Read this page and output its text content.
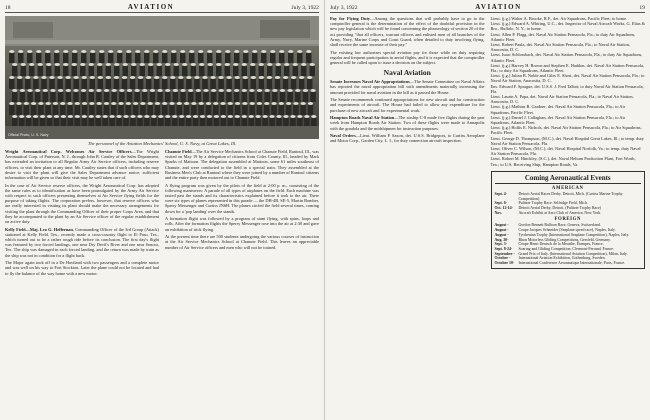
18	AVIATION	July 3, 1922
Official Photo, U. S. Navy
The personnel of the Aviation Mechanics' School, U. S. Navy, at Great Lakes, Ill.

Wright Aeronautical Corp. Welcomes Air Service Officers—The Wright Aeronautical Corp. of Paterson, N. J., through John R. Cautley of the Sales Department, has extended an invitation to all Regular Army Air Service officers, including reserve officers, to visit their plant at any time. Mr. Cautley states that if such officers who may desire to visit the plant will give the Sales Department advance notice, sufficient information will be given so that their visit may be well taken care of.

In the case of Air Service reserve officers, the Wright Aeronautical Corp. has adopted the same rules as to identification as have been promulgated by the Army Air Service with respect to such officers presenting themselves at Air Service flying fields for the purpose of taking flights. The corporation prefers, however, that reserve officers who are really interested in visiting its plant should make the necessary arrangements for visiting the plant through the Commanding Officer of their proper Corps Area, and that they be accompanied to the plant by an Air Service officer of the regular establishment on active duty.

Kelly Field—Maj. Leo G. Heffernan, Commanding Officer of the 3rd Group (Attack) stationed at Kelly Field, Tex., recently made a cross-country flight to El Paso, Tex., which turned out to be a rather rough ride before its conclusion. The first day's flight was featured by two forced landings, one near Dry Devil's River and one near Sonora, Tex. The ship was damaged in each forced landing, and the return was made by train as the ship was not in condition for a flight back.

The Major again took off in a De Haviland with two passengers and a complete motor and was well on his way to Fort Stockton. Later the plane could not be located and had to fly the balance of the way home with a new motor.

Chanute Field—The Air Service Mechanics School at Chanute Field, Rantoul, Ill., was visited on May 19 by a delegation of citizens from Coles County, Ill., headed by Mark Sparks of Mattoon. The delegation assembled at Mattoon, some 61 miles southeast of Chanute, and were conducted to the field in a special train. They assembled at the Business Men's Club at Rantoul where they were joined by a number of Rantoul citizens and the entire party then motored out to Chanute Field.

A flying program was given by the pilots of the field at 2:00 p. m., consisting of the following maneuvers: A parade of all types of airplanes on the field. Each machine was taxied past the stands and its characteristics explained before it took to the air. There were six types of planes represented in this parade — the DH-4B, SE-5, Martin Bomber, Sperry Messenger and Curtiss JN6H. The planes circled the field several times, coming down for a 'pop landing' over the stands.

A formation flight was followed by a program of stunt flying, with spins, loops and rolls. After the formation flights the Sperry Messenger rose into the air at 2:30 and gave an exhibition of trick flying.

At the present time there are 500 students undergoing the various courses of instruction at the Air Service Mechanics School at Chanute Field. This leaves an appreciable number of Air Service officers and men who will not be trained.

July 3, 1922	AVIATION	19

Pay for Flying Duty—Among the questions that will probably have to go to the comptroller general is the determination of the effect of the doubtful provision in the new pay legislation which will be found concerning the phraseology of section 20 of the act providing "that all officers, warrant officers and enlisted men of all branches of the Army, Navy, Marine Corps and Coast Guard, when detailed to duty involving flying, shall receive the same increase of their pay."

The existing law authorizes special aviation pay for those while on duty requiring regular and frequent participation in aerial flights, and it is expected that the comptroller general will be called upon to issue a decision on the subject.

Naval Aviation

Senate Increases Naval Air Appropriations—The Senate Committee on Naval Affairs has reported the naval appropriation bill with amendments materially increasing the amount provided for naval aviation in the bill as it passed the House.

The Senate recommends continued appropriations for new aircraft and for construction and experiments of aircraft. The House had failed to allow any expenditure for the purchase of new aircraft and for experimental work.

Hampton Roads Naval Air Station—The airship C-8 made five flights during the past week from Hampton Roads Air Station. Two of these flights were made to Annapolis with the gondola and the midshipmen for instruction purposes.

Naval Orders—Lieut. William P. Saxon, det. U.S.S. Bridgeport, to Curtiss Aeroplane and Motor Corp., Garden City, L. I., for duty connection aircraft inspection.

Lieut. (j.g.) Walter A. Brooke, R.F., det. Air Squadrons, Pacific Fleet; to home.

Lieut. (j.g.) Edward A. Whiting, U.C., det. Inspector of Naval Aircraft Works, G. Elias & Bro., Buffalo, N. Y.; to home.

Lieut. Allen P. Flagg, det. Naval Air Station Pensacola, Fla.; to duty Air Squadrons, Atlantic Fleet.

Lieut. Robert Paula, det. Naval Air Station Pensacola, Fla.; to Naval Air Station, Anacostia, D. C.

Lieut. Isaac Schlossbach, det. Naval Air Station Pensacola, Fla.; to duty Air Squadrons, Atlantic Fleet.

Lieut. (j.g.) Harvey H. Brown and Stephen E. Haddon, det. Naval Air Station Pensacola, Fla.; to duty Air Squadrons, Atlantic Fleet.

Lieut. (j.g.) Julian B. Noble and Giles E. Short, det. Naval Air Station Pensacola, Fla.; to Naval Air Station, Anacostia, D. C.

Ens. Edward F. Sprague, det. U.S.S. J. Fred Talbot; to duty Naval Air Station Pensacola, Fla.

Lieut. Laurin A. Papa, det. Naval Air Station Pensacola, Fla.; to Naval Air Station, Anacostia, D. C.

Lieut. (j.g.) Mathias B. Gardner, det. Naval Air Station Pensacola, Fla.; to Air Squadrons, Pacific Fleet.

Lieut. (j.g.) Daniel J. Callaghan, det. Naval Air Station Pensacola, Fla.; to Air Squadrons, Atlantic Fleet.

Lieut. (j.g.) Hollis E. Nichols, det. Naval Air Station Pensacola, Fla.; to Air Squadrons, Pacific Fleet.

Lieut. George D. Thompson, (M.C.), det. Naval Hospital Great Lakes, Ill.; to temp. duty Naval Air Station Pensacola, Fla.

Lieut. Oliver C. Wilson, (M.C.), det. Naval Hospital Norfolk, Va.; to temp. duty Naval Air Station Pensacola, Fla.

Lieut. Robert M. Hinckley, (S.C.), det. Naval Helium Production Plant, Fort Worth, Tex.; to U.S. Receiving Ship, Hampton Roads, Va.

Coming Aeronautical Events
AMERICAN
Sept. 4-	Detroit Aerial Races Derby. Detroit, Mich. (Curtiss Marine Trophy Competition)
Sept. 6-	Pulitzer Trophy Race. Selfridge Field, Mich.
Oct. 12-14-	Detroit Aerial Derby, Detroit. (Pulitzer Trophy Race)
Nov.	Aircraft Exhibit at Aero Club of America, New York.
FOREIGN
August -	Gordon Bennett Balloon Race, Geneva, Switzerland.
August -	Coupe Jacques Schneider (Seaplane speed race), Naples, Italy.
August -	Tyrrhenian Trophy (International Seaplane Competition), Naples, Italy.
Aug. 20-	Rhon Motorless Gliding Competitions, Gersfeld, Germany.
Sept. 3-	Coupe Henri Deutsch de la Meurthe, Étampes, France.
Sept. 8-24-	Soaring and Gliding Competition, Clermont-Ferrand, France.
September - Grand Prix of Italy. (International Aviation Competition), Milan, Italy.
October -	International Aviation Exhibition, Gothenburg, Sweden.
October 10-	International Conference Aeronautique Internationale, Paris, France.
